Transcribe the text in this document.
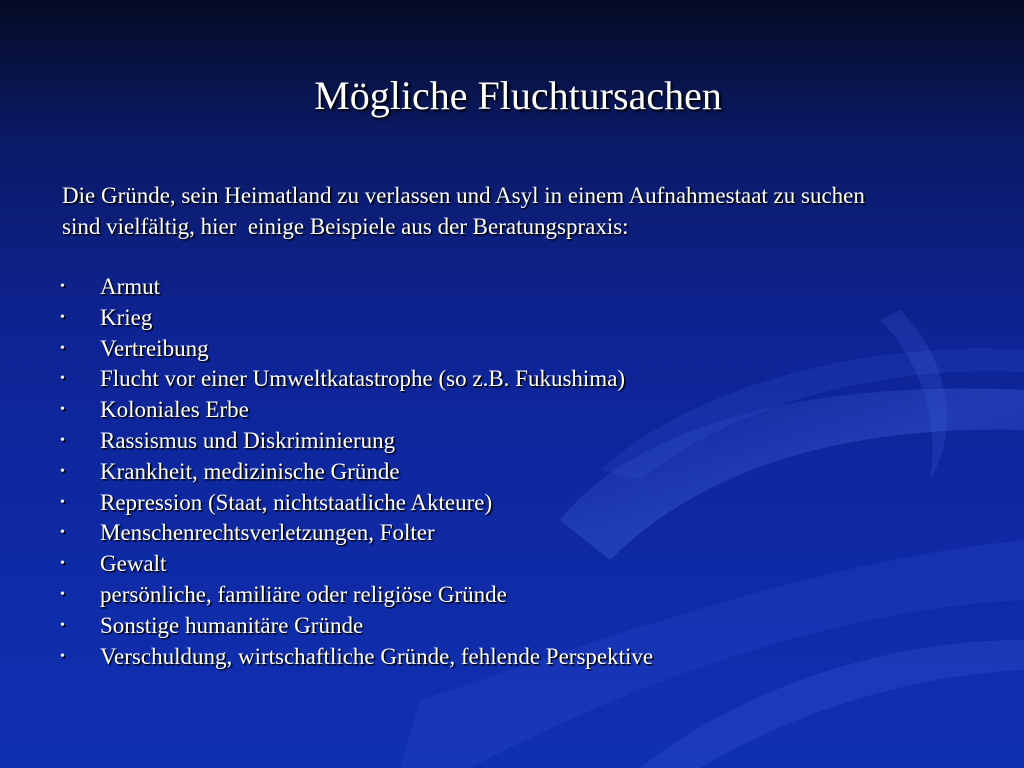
Mögliche Fluchtursachen
Die Gründe, sein Heimatland zu verlassen und Asyl in einem Aufnahmestaat zu suchen
sind vielfältig, hier  einige Beispiele aus der Beratungspraxis:
• Armut
• Krieg
• Vertreibung
• Flucht vor einer Umweltkatastrophe (so z.B. Fukushima)
• Koloniales Erbe
• Rassismus und Diskriminierung
• Krankheit, medizinische Gründe
• Repression (Staat, nichtstaatliche Akteure)
• Menschenrechtsverletzungen, Folter
• Gewalt
• persönliche, familiäre oder religiöse Gründe
• Sonstige humanitäre Gründe
• Verschuldung, wirtschaftliche Gründe, fehlende Perspektive
